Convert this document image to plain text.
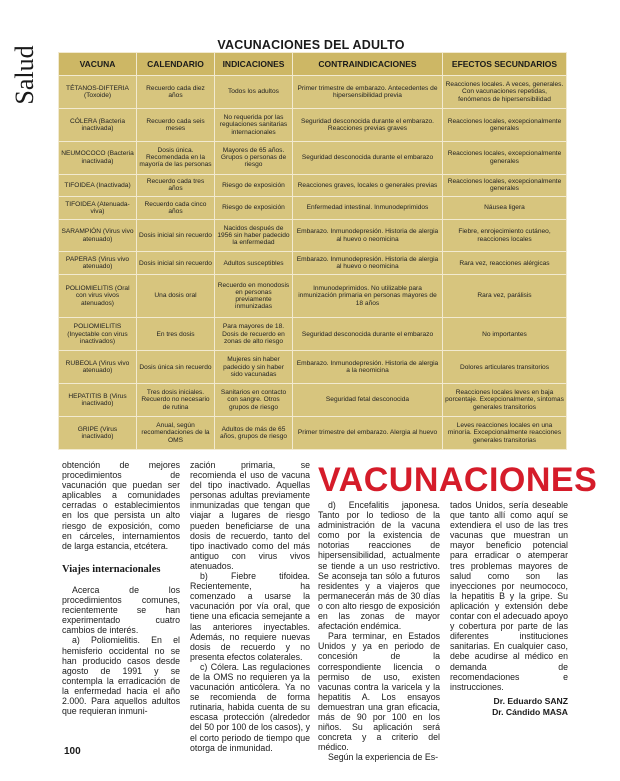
Salud
VACUNACIONES DEL ADULTO
VACUNA	CALENDARIO	INDICACIONES	CONTRAINDICACIONES	EFECTOS SECUNDARIOS
TÉTANOS-DIFTERIA (Toxoide)	Recuerdo cada diez años	Todos los adultos	Primer trimestre de embarazo. Antecedentes de hipersensibilidad previa	Reacciones locales. A veces, generales. Con vacunaciones repetidas, fenómenos de hipersensibilidad
CÓLERA (Bacteria inactivada)	Recuerdo cada seis meses	No requerida por las regulaciones sanitarias internacionales	Seguridad desconocida durante el embarazo. Reacciones previas graves	Reacciones locales, excepcionalmente generales
NEUMOCOCO (Bacteria inactivada)	Dosis única. Recomendada en la mayoría de las personas	Mayores de 65 años. Grupos o personas de riesgo	Seguridad desconocida durante el embarazo	Reacciones locales, excepcionalmente generales
TIFOIDEA (Inactivada)	Recuerdo cada tres años	Riesgo de exposición	Reacciones graves, locales o generales previas	Reacciones locales, excepcionalmente generales
TIFOIDEA (Atenuada-viva)	Recuerdo cada cinco años	Riesgo de exposición	Enfermedad intestinal. Inmunodeprimidos	Náusea ligera
SARAMPIÓN (Virus vivo atenuado)	Dosis inicial sin recuerdo	Nacidos después de 1956 sin haber padecido la enfermedad	Embarazo. Inmunodepresión. Historia de alergia al huevo o neomicina	Fiebre, enrojecimiento cutáneo, reacciones locales
PAPERAS (Virus vivo atenuado)	Dosis inicial sin recuerdo	Adultos susceptibles	Embarazo. Inmunodepresión. Historia de alergia al huevo o neomicina	Rara vez, reacciones alérgicas
POLIOMIELITIS (Oral con virus vivos atenuados)	Una dosis oral	Recuerdo en monodosis en personas previamente inmunizadas	Inmunodeprimidos. No utilizable para inmunización primaria en personas mayores de 18 años	Rara vez, parálisis
POLIOMIELITIS (Inyectable con virus inactivados)	En tres dosis	Para mayores de 18. Dosis de recuerdo en zonas de alto riesgo	Seguridad desconocida durante el embarazo	No importantes
RUBEOLA (Virus vivo atenuado)	Dosis única sin recuerdo	Mujeres sin haber padecido y sin haber sido vacunadas	Embarazo. Inmunodepresión. Historia de alergia a la neomicina	Dolores articulares transitorios
HEPATITIS B (Virus inactivado)	Tres dosis iniciales. Recuerdo no necesario de rutina	Sanitarios en contacto con sangre. Otros grupos de riesgo	Seguridad fetal desconocida	Reacciones locales leves en baja porcentaje. Excepcionalmente, síntomas generales transitorios
GRIPE (Virus inactivado)	Anual, según recomendaciones de la OMS	Adultos de más de 65 años, grupos de riesgo	Primer trimestre del embarazo. Alergia al huevo	Leves reacciones locales en una minoría. Excepcionalmente reacciones generales transitorias
VACUNACIONES

obtención de mejores procedimientos de vacunación que puedan ser aplicables a comunidades cerradas o establecimientos en los que persista un alto riesgo de exposición, como en cárceles, internamientos de larga estancia, etcétera.

Viajes internacionales

Acerca de los procedimientos comunes, recientemente se han experimentado cuatro cambios de interés.

a) Poliomielitis. En el hemisferio occidental no se han producido casos desde agosto de 1991 y se contempla la erradicación de la enfermedad hacia el año 2.000. Para aquellos adultos que requieran inmuni-

zación primaria, se recomienda el uso de vacuna del tipo inactivado. Aquellas personas adultas previamente inmunizadas que tengan que viajar a lugares de riesgo pueden beneficiarse de una dosis de recuerdo, tanto del tipo inactivado como del más antiguo con virus vivos atenuados.

b) Fiebre tifoidea. Recientemente, ha comenzado a usarse la vacunación por vía oral, que tiene una eficacia semejante a las anteriores inyectables. Además, no requiere nuevas dosis de recuerdo y no presenta efectos colaterales.

c) Cólera. Las regulaciones de la OMS no requieren ya la vacunación anticólera. Ya no se recomienda de forma rutinaria, habida cuenta de su escasa protección (alrededor del 50 por 100 de los casos), y el corto periodo de tiempo que otorga de inmunidad.

d) Encefalitis japonesa. Tanto por lo tedioso de la administración de la vacuna como por la existencia de notorias reacciones de hipersensibilidad, actualmente se tiende a un uso restrictivo. Se aconseja tan sólo a futuros residentes y a viajeros que permanecerán más de 30 días o con alto riesgo de exposición en las zonas de mayor afectación endémica.

Para terminar, en Estados Unidos y ya en periodo de concesión de la correspondiente licencia o permiso de uso, existen vacunas contra la varicela y la hepatitis A. Los ensayos demuestran una gran eficacia, más de 90 por 100 en los niños. Su aplicación será concreta y a criterio del médico.

Según la experiencia de Es-

tados Unidos, sería deseable que tanto allí como aquí se extendiera el uso de las tres vacunas que muestran un mayor beneficio potencial para erradicar o atemperar tres problemas mayores de salud como son las inyecciones por neumococo, la hepatitis B y la gripe. Su aplicación y extensión debe contar con el adecuado apoyo y cobertura por parte de las diferentes instituciones sanitarias. En cualquier caso, debe acudirse al médico en demanda de recomendaciones e instrucciones.

Dr. Eduardo SANZ
Dr. Cándido MASA
100
